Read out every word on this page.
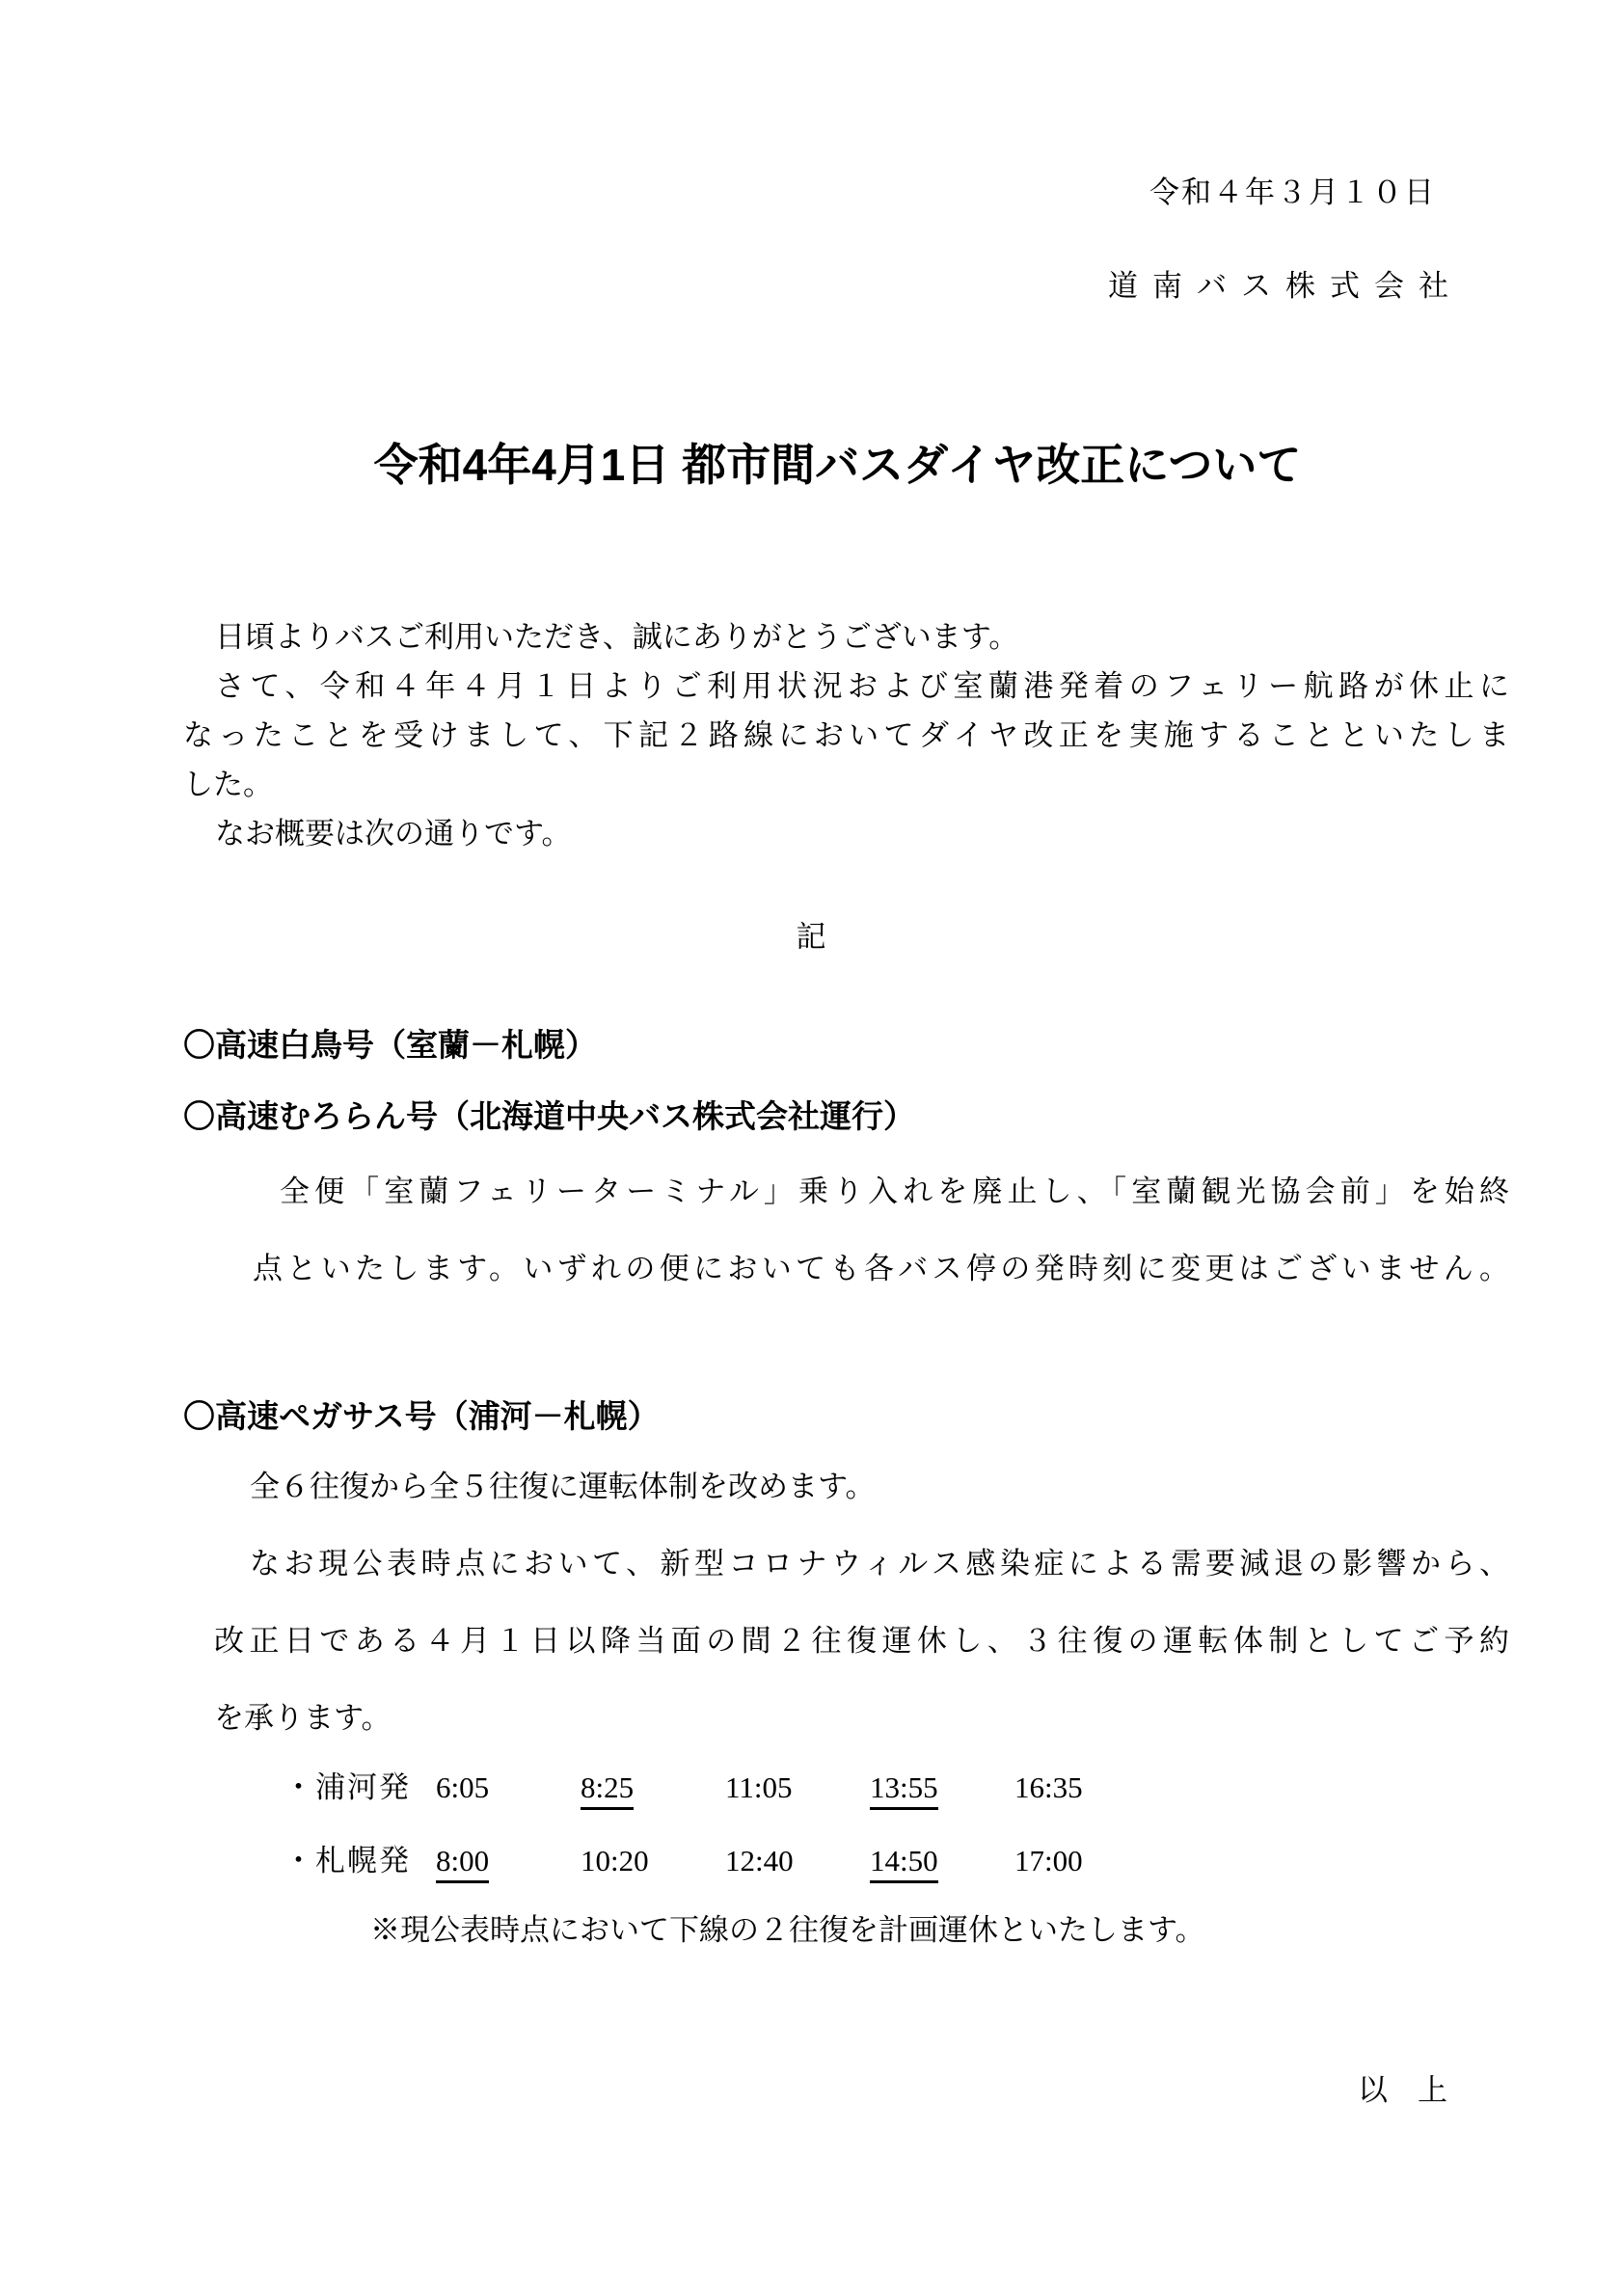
令和４年３月１０日
道南バス株式会社
令和4年4月1日 都市間バスダイヤ改正について
日頃よりバスご利用いただき、誠にありがとうございます。
さて、令和４年４月１日よりご利用状況および室蘭港発着のフェリー航路が休止に
なったことを受けまして、下記２路線においてダイヤ改正を実施することといたしま
した。
なお概要は次の通りです。
記
〇高速白鳥号（室蘭－札幌）
〇高速むろらん号（北海道中央バス株式会社運行）
全便「室蘭フェリーターミナル」乗り入れを廃止し、「室蘭観光協会前」を始終
点といたします。いずれの便においても各バス停の発時刻に変更はございません。
〇高速ペガサス号（浦河－札幌）
全６往復から全５往復に運転体制を改めます。
なお現公表時点において、新型コロナウィルス感染症による需要減退の影響から、
改正日である４月１日以降当面の間２往復運休し、３往復の運転体制としてご予約
を承ります。
・浦河発 6:05	8:25	11:05	13:55	16:35
・札幌発 8:00	10:20	12:40	14:50	17:00
※現公表時点において下線の２往復を計画運休といたします。
以　上
